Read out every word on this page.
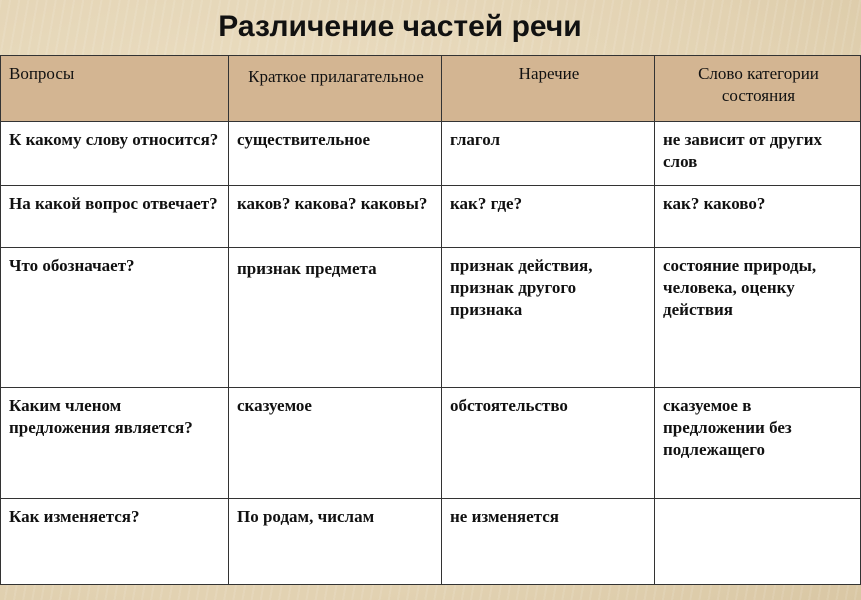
Различение частей речи
Вопросы	Краткое прилагательное	Наречие	Слово категории состояния
К какому слову относится?	существительное	глагол	не зависит от других слов
На какой вопрос отвечает?	каков? какова? каковы?	как? где?	как? каково?
Что обозначает?	признак предмета	признак действия, признак другого признака	состояние природы, человека, оценку действия
Каким членом предложения является?	сказуемое	обстоятельство	сказуемое в предложении без подлежащего
Как изменяется?	По родам, числам	не изменяется	
